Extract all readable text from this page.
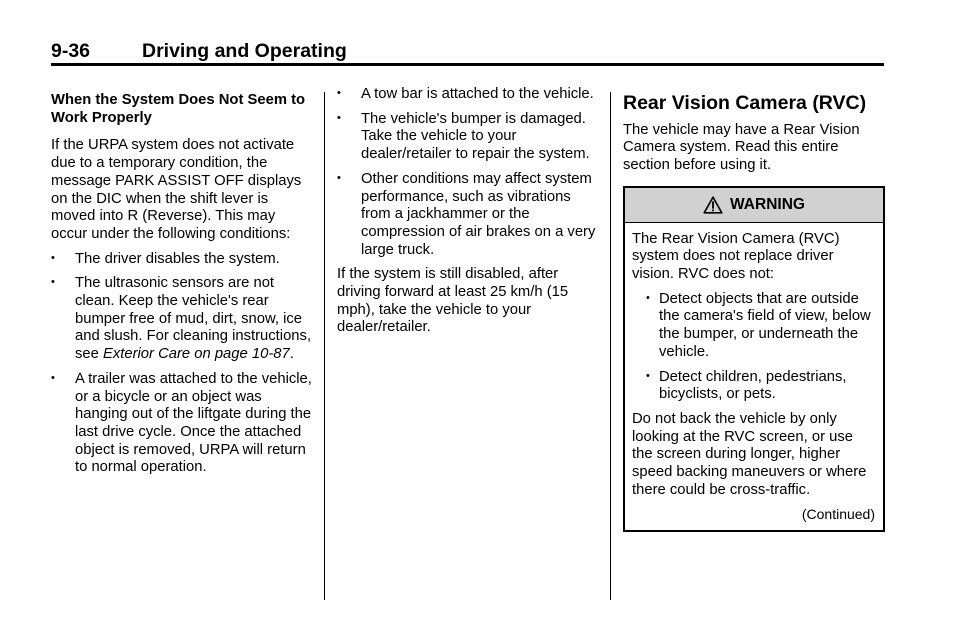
9-36	Driving and Operating
When the System Does Not Seem to Work Properly

If the URPA system does not activate due to a temporary condition, the message PARK ASSIST OFF displays on the DIC when the shift lever is moved into R (Reverse). This may occur under the following conditions:

• The driver disables the system.
• The ultrasonic sensors are not clean. Keep the vehicle's rear bumper free of mud, dirt, snow, ice and slush. For cleaning instructions, see Exterior Care on page 10-87.
• A trailer was attached to the vehicle, or a bicycle or an object was hanging out of the liftgate during the last drive cycle. Once the attached object is removed, URPA will return to normal operation.
• A tow bar is attached to the vehicle.
• The vehicle's bumper is damaged. Take the vehicle to your dealer/retailer to repair the system.
• Other conditions may affect system performance, such as vibrations from a jackhammer or the compression of air brakes on a very large truck.

If the system is still disabled, after driving forward at least 25 km/h (15 mph), take the vehicle to your dealer/retailer.

Rear Vision Camera (RVC)

The vehicle may have a Rear Vision Camera system. Read this entire section before using it.

WARNING

The Rear Vision Camera (RVC) system does not replace driver vision. RVC does not:

• Detect objects that are outside the camera's field of view, below the bumper, or underneath the vehicle.
• Detect children, pedestrians, bicyclists, or pets.

Do not back the vehicle by only looking at the RVC screen, or use the screen during longer, higher speed backing maneuvers or where there could be cross-traffic.

(Continued)
